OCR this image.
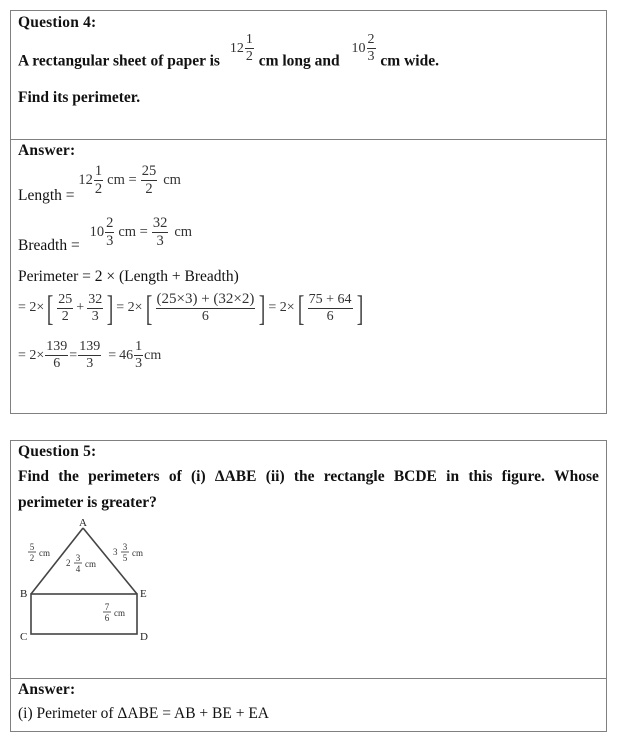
Question 4:
A rectangular sheet of paper is
$12 \frac{1}{2}$ cm long and
$10 \frac{2}{3}$ cm wide.
Find its perimeter.
Answer:
Length =
$12 \frac{1}{2}$ cm = $\frac{25}{2}$ cm
Breadth =
$10 \frac{2}{3}$ cm = $\frac{32}{3}$ cm
Perimeter = 2 × (Length + Breadth)
= 2× [ $\frac{25}{2} + \frac{32}{3}$ ] = 2× [ $\frac{(25\times 3) + (32\times 2)}{6}$ ] = 2× [ $\frac{75 + 64}{6}$ ]
= $2\times \frac{139}{6} = \frac{139}{3} = 46 \frac{1}{3}$ cm
Question 5:
Find the perimeters of (i) ΔABE (ii) the rectangle BCDE in this figure. Whose
perimeter is greater?
A
B
C	D
E
5
2 cm
2 3
4 cm
3 3
5 cm
7
6 cm
Answer:
(i) Perimeter of ΔABE = AB + BE + EA
